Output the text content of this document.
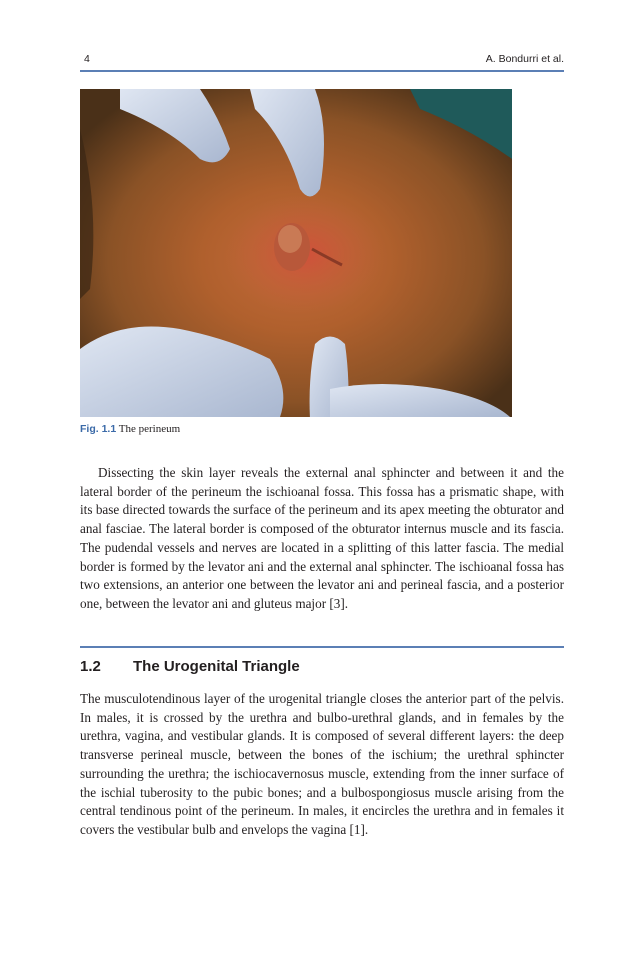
4	A. Bondurri et al.
Fig. 1.1 The perineum

Dissecting the skin layer reveals the external anal sphincter and between it and the lateral border of the perineum the ischioanal fossa. This fossa has a prismatic shape, with its base directed towards the surface of the perineum and its apex meeting the obturator and anal fasciae. The lateral border is composed of the obturator internus muscle and its fascia. The pudendal vessels and nerves are located in a splitting of this latter fascia. The medial border is formed by the levator ani and the external anal sphincter. The ischioanal fossa has two extensions, an anterior one between the levator ani and perineal fascia, and a posterior one, between the levator ani and gluteus major [3].

1.2 The Urogenital Triangle

The musculotendinous layer of the urogenital triangle closes the anterior part of the pelvis. In males, it is crossed by the urethra and bulbo-urethral glands, and in females by the urethra, vagina, and vestibular glands. It is composed of several different layers: the deep transverse perineal muscle, between the bones of the ischium; the urethral sphincter surrounding the urethra; the ischiocavernosus muscle, extending from the inner surface of the ischial tuberosity to the pubic bones; and a bulbospongiosus muscle arising from the central tendinous point of the perineum. In males, it encircles the urethra and in females it covers the vestibular bulb and envelops the vagina [1].
